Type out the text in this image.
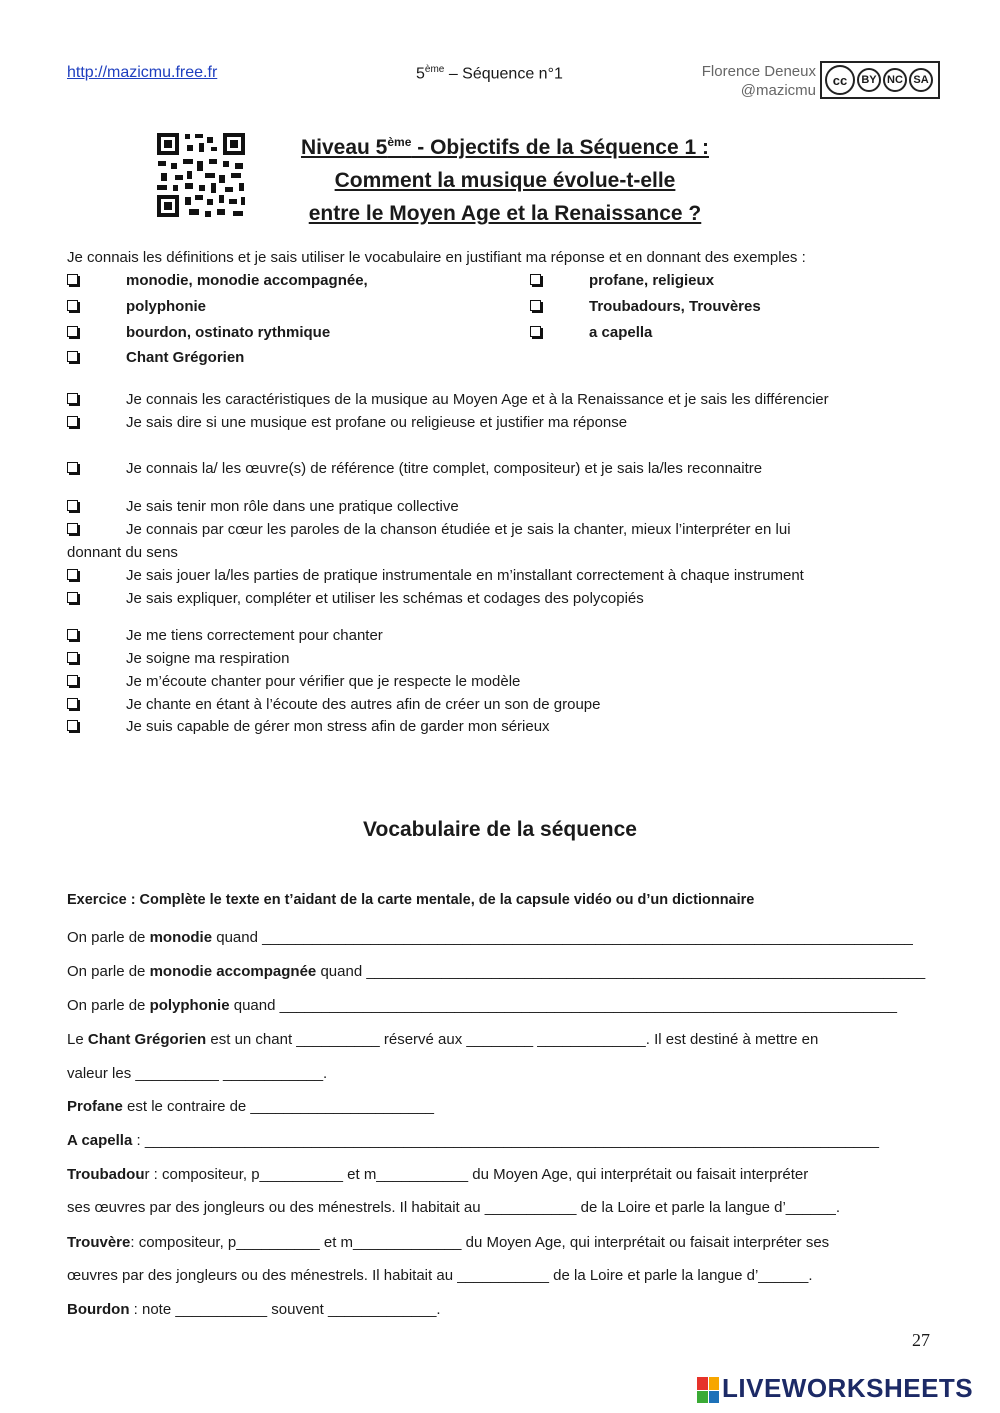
http://mazicmu.free.fr	5ème – Séquence n°1	Florence Deneux
@mazicmu
cc	BY NC SA
Niveau 5ème - Objectifs de la Séquence 1 :
Comment la musique évolue-t-elle
entre le Moyen Age et la Renaissance ?
Je connais les définitions et je sais utiliser le vocabulaire en justifiant ma réponse et en donnant des exemples :
monodie, monodie accompagnée,
polyphonie
bourdon, ostinato rythmique
Chant Grégorien
profane, religieux
Troubadours, Trouvères
a capella
Je connais les caractéristiques de la musique au Moyen Age et à la Renaissance et je sais les différencier
Je sais dire si une musique est profane ou religieuse et justifier ma réponse
Je connais la/ les œuvre(s) de référence (titre complet, compositeur) et je sais la/les reconnaitre
Je sais tenir mon rôle dans une pratique collective
Je connais par cœur les paroles de la chanson étudiée et je sais la chanter, mieux l’interpréter en lui
donnant du sens
Je sais jouer la/les parties de pratique instrumentale en m’installant correctement à chaque instrument
Je sais expliquer, compléter et utiliser les schémas et codages des polycopiés
Je me tiens correctement pour chanter
Je soigne ma respiration
Je m’écoute chanter pour vérifier que je respecte le modèle
Je chante en étant à l’écoute des autres afin de créer un son de groupe
Je suis capable de gérer mon stress afin de garder mon sérieux
Vocabulaire de la séquence
Exercice : Complète le texte en t’aidant de la carte mentale, de la capsule vidéo ou d’un dictionnaire
On parle de monodie quand ______________________________________________________________________________
On parle de monodie accompagnée quand ___________________________________________________________________
On parle de polyphonie quand __________________________________________________________________________
Le Chant Grégorien est un chant __________ réservé aux ________ _____________. Il est destiné à mettre en
valeur les __________ ____________.
Profane est le contraire de ______________________
A capella : ________________________________________________________________________________________
Troubadour : compositeur, p__________ et m___________ du Moyen Age, qui interprétait ou faisait interpréter
ses œuvres par des jongleurs ou des ménestrels. Il habitait au ___________ de la Loire et parle la langue d’______.
Trouvère: compositeur, p__________ et m_____________ du Moyen Age, qui interprétait ou faisait interpréter ses
œuvres par des jongleurs ou des ménestrels. Il habitait au ___________ de la Loire et parle la langue d’______.
Bourdon : note ___________ souvent _____________.
27
LIVEWORKSHEETS
